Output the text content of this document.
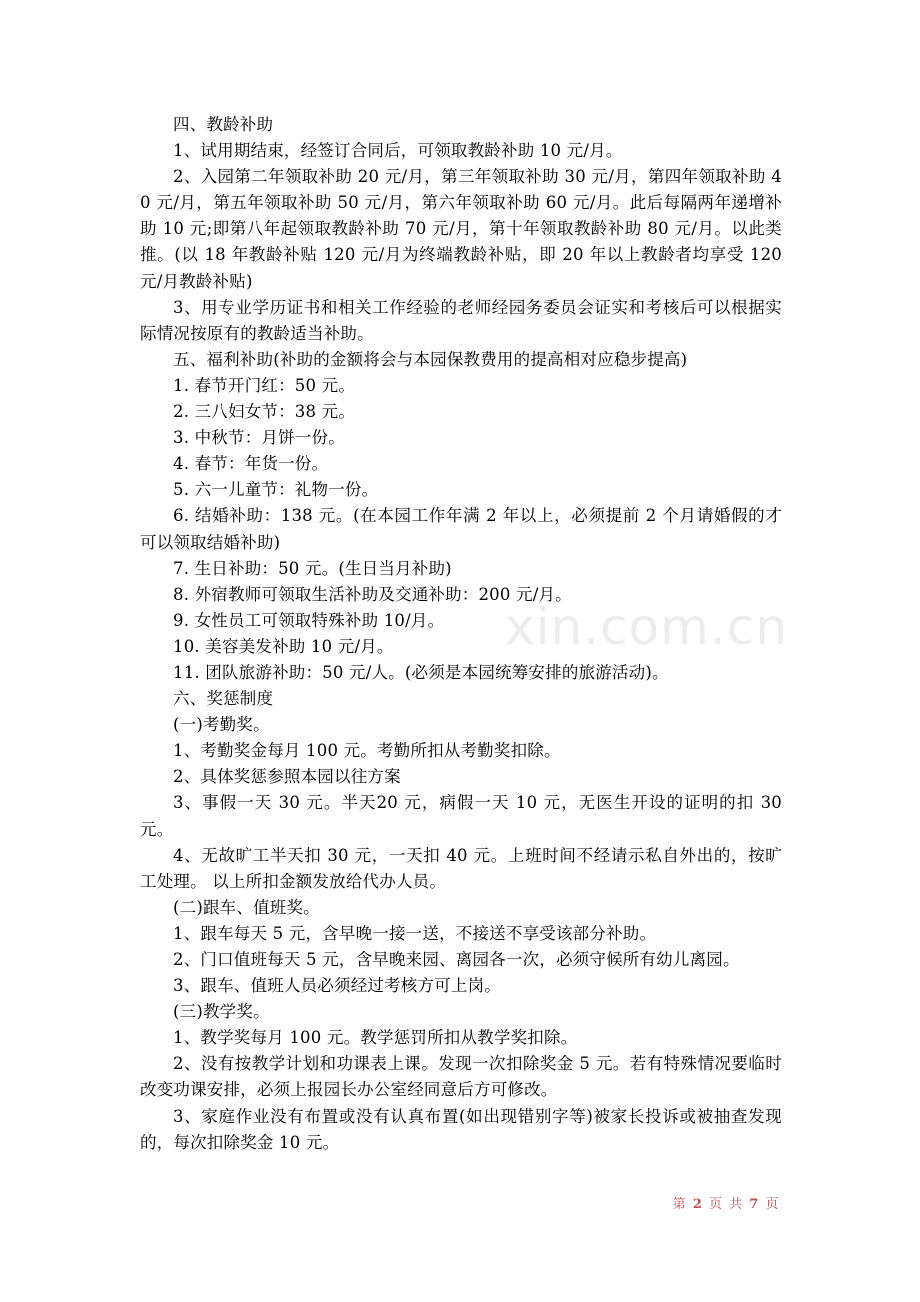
四、教龄补助

1、试用期结束，经签订合同后，可领取教龄补助 10 元/月。

2、入园第二年领取补助 20 元/月，第三年领取补助 30 元/月，第四年领取补助 40 元/月，第五年领取补助 50 元/月，第六年领取补助 60 元/月。此后每隔两年递增补助 10 元;即第八年起领取教龄补助 70 元/月，第十年领取教龄补助 80 元/月。以此类推。(以 18 年教龄补贴 120 元/月为终端教龄补贴，即 20 年以上教龄者均享受 120 元/月教龄补贴)

3、用专业学历证书和相关工作经验的老师经园务委员会证实和考核后可以根据实际情况按原有的教龄适当补助。

五、福利补助(补助的金额将会与本园保教费用的提高相对应稳步提高)

1. 春节开门红：50 元。

2. 三八妇女节：38 元。

3. 中秋节：月饼一份。

4. 春节：年货一份。

5. 六一儿童节：礼物一份。

6. 结婚补助：138 元。(在本园工作年满 2 年以上，必须提前 2 个月请婚假的才可以领取结婚补助)

7. 生日补助：50 元。(生日当月补助)

8. 外宿教师可领取生活补助及交通补助：200 元/月。

9. 女性员工可领取特殊补助 10/月。

10. 美容美发补助 10 元/月。

11. 团队旅游补助：50 元/人。(必须是本园统筹安排的旅游活动)。

六、奖惩制度

(一)考勤奖。

1、考勤奖金每月 100 元。考勤所扣从考勤奖扣除。

2、具体奖惩参照本园以往方案

3、事假一天 30 元。半天20 元，病假一天 10 元，无医生开设的证明的扣 30 元。

4、无故旷工半天扣 30 元，一天扣 40 元。上班时间不经请示私自外出的，按旷工处理。 以上所扣金额发放给代办人员。

(二)跟车、值班奖。

1、跟车每天 5 元，含早晚一接一送，不接送不享受该部分补助。

2、门口值班每天 5 元，含早晚来园、离园各一次，必须守候所有幼儿离园。

3、跟车、值班人员必须经过考核方可上岗。

(三)教学奖。

1、教学奖每月 100 元。教学惩罚所扣从教学奖扣除。

2、没有按教学计划和功课表上课。发现一次扣除奖金 5 元。若有特殊情况要临时改变功课安排，必须上报园长办公室经同意后方可修改。

3、家庭作业没有布置或没有认真布置(如出现错别字等)被家长投诉或被抽查发现的，每次扣除奖金 10 元。

xin.com.cn
第 2 页 共 7 页
